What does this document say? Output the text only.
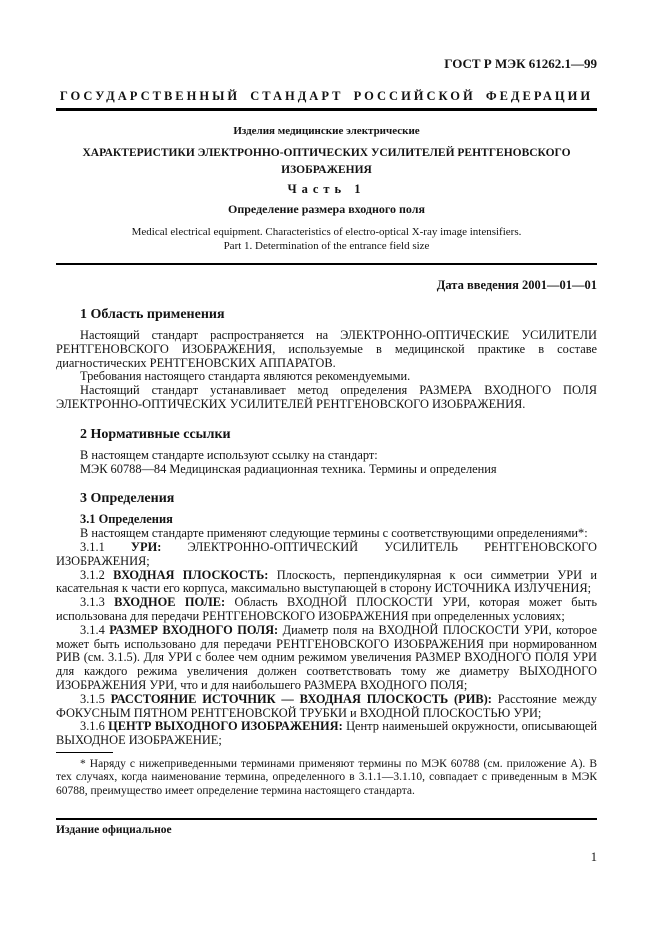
ГОСТ Р МЭК 61262.1—99
ГОСУДАРСТВЕННЫЙ СТАНДАРТ РОССИЙСКОЙ ФЕДЕРАЦИИ
Изделия медицинские электрические
ХАРАКТЕРИСТИКИ ЭЛЕКТРОННО-ОПТИЧЕСКИХ УСИЛИТЕЛЕЙ РЕНТГЕНОВСКОГО ИЗОБРАЖЕНИЯ
Часть 1
Определение размера входного поля
Medical electrical equipment. Characteristics of electro-optical X-ray image intensifiers.
Part 1. Determination of the entrance field size
Дата введения 2001—01—01
1 Область применения

Настоящий стандарт распространяется на ЭЛЕКТРОННО-ОПТИЧЕСКИЕ УСИЛИТЕЛИ РЕНТГЕНОВСКОГО ИЗОБРАЖЕНИЯ, используемые в медицинской практике в составе диагностических РЕНТГЕНОВСКИХ АППАРАТОВ.

Требования настоящего стандарта являются рекомендуемыми.

Настоящий стандарт устанавливает метод определения РАЗМЕРА ВХОДНОГО ПОЛЯ ЭЛЕКТРОННО-ОПТИЧЕСКИХ УСИЛИТЕЛЕЙ РЕНТГЕНОВСКОГО ИЗОБРАЖЕНИЯ.

2 Нормативные ссылки

В настоящем стандарте используют ссылку на стандарт:

МЭК 60788—84 Медицинская радиационная техника. Термины и определения

3 Определения

3.1 Определения

В настоящем стандарте применяют следующие термины с соответствующими определениями*:

3.1.1 УРИ: ЭЛЕКТРОННО-ОПТИЧЕСКИЙ УСИЛИТЕЛЬ РЕНТГЕНОВСКОГО ИЗОБРАЖЕНИЯ;

3.1.2 ВХОДНАЯ ПЛОСКОСТЬ: Плоскость, перпендикулярная к оси симметрии УРИ и касательная к части его корпуса, максимально выступающей в сторону ИСТОЧНИКА ИЗЛУЧЕНИЯ;

3.1.3 ВХОДНОЕ ПОЛЕ: Область ВХОДНОЙ ПЛОСКОСТИ УРИ, которая может быть использована для передачи РЕНТГЕНОВСКОГО ИЗОБРАЖЕНИЯ при определенных условиях;

3.1.4 РАЗМЕР ВХОДНОГО ПОЛЯ: Диаметр поля на ВХОДНОЙ ПЛОСКОСТИ УРИ, которое может быть использовано для передачи РЕНТГЕНОВСКОГО ИЗОБРАЖЕНИЯ при нормированном РИВ (см. 3.1.5). Для УРИ с более чем одним режимом увеличения РАЗМЕР ВХОДНОГО ПОЛЯ УРИ для каждого режима увеличения должен соответствовать тому же диаметру ВЫХОДНОГО ИЗОБРАЖЕНИЯ УРИ, что и для наибольшего РАЗМЕРА ВХОДНОГО ПОЛЯ;

3.1.5 РАССТОЯНИЕ ИСТОЧНИК — ВХОДНАЯ ПЛОСКОСТЬ (РИВ): Расстояние между ФОКУСНЫМ ПЯТНОМ РЕНТГЕНОВСКОЙ ТРУБКИ и ВХОДНОЙ ПЛОСКОСТЬЮ УРИ;

3.1.6 ЦЕНТР ВЫХОДНОГО ИЗОБРАЖЕНИЯ: Центр наименьшей окружности, описывающей ВЫХОДНОЕ ИЗОБРАЖЕНИЕ;

* Наряду с нижеприведенными терминами применяют термины по МЭК 60788 (см. приложение А). В тех случаях, когда наименование термина, определенного в 3.1.1—3.1.10, совпадает с приведенным в МЭК 60788, преимущество имеет определение термина настоящего стандарта.

Издание официальное
1
